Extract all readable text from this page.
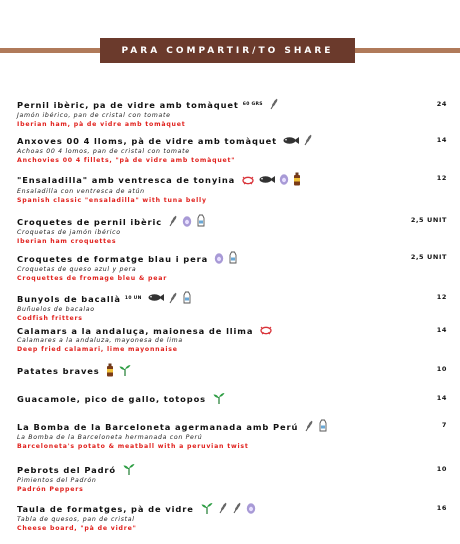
PARA COMPARTIR/TO SHARE
Pernil ibèric, pa de vidre amb tomàquet 60 GRS
Jamón ibérico, pan de cristal con tomate
Iberian ham, pà de vidre amb tomàquet
24
Anxoves 00 4 lloms, pà de vidre amb tomàquet
Achoas 00 4 lomos, pan de cristal con tomate
Anchovies 00 4 fillets, "pà de vidre amb tomàquet"
14
"Ensaladilla" amb ventresca de tonyina
Ensaladilla con ventresca de atún
Spanish classic "ensaladilla" with tuna belly
12
Croquetes de pernil ibèric
Croquetas de jamón ibérico
Iberian ham croquettes
2,5 UNIT
Croquetes de formatge blau i pera
Croquetas de queso azul y pera
Croquettes de fromage bleu & pear
2,5 UNIT
Bunyols de bacallà 10 UN
Buñuelos de bacalao
Codfish fritters
12
Calamars a la andaluça, maionesa de llima
Calamares a la andaluza, mayonesa de lima
Deep fried calamari, lime mayonnaise
14
Patates braves	10
Guacamole, pico de gallo, totopos	14
La Bomba de la Barceloneta agermanada amb Perú
La Bomba de la Barceloneta hermanada con Perú
Barceloneta's potato & meatball with a peruvian twist
7
Pebrots del Padró
Pimientos del Padrón
Padrón Peppers
10
Taula de formatges, pà de vidre
Tabla de quesos, pan de cristal
Cheese board, "pà de vidre"
16
